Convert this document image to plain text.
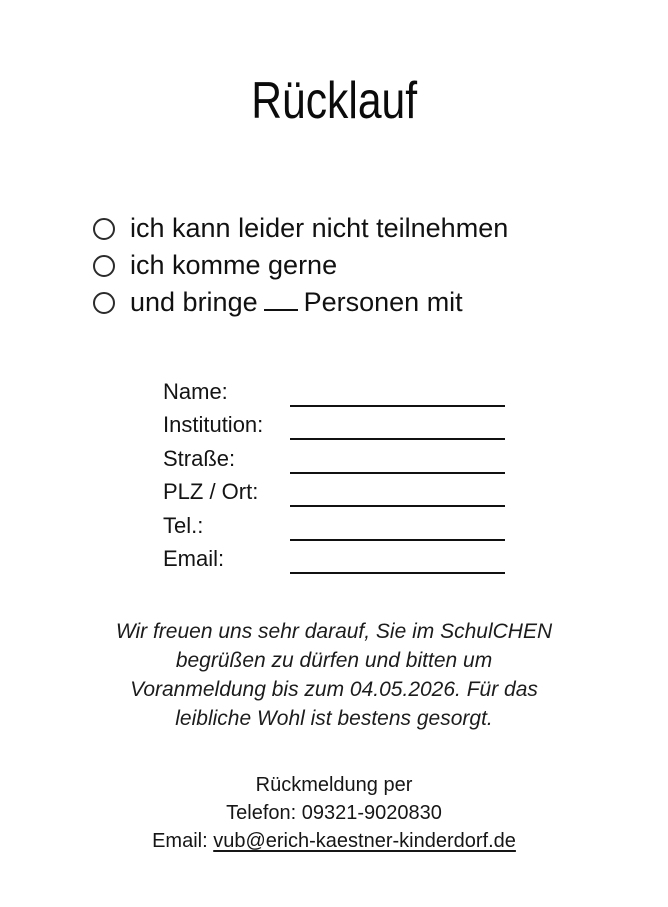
Rücklauf
ich kann leider nicht teilnehmen
ich komme gerne
und bringe Personen mit
Name:
Institution:
Straße:
PLZ / Ort:
Tel.:
Email:
Wir freuen uns sehr darauf, Sie im SchulCHEN
begrüßen zu dürfen und bitten um
Voranmeldung bis zum 04.05.2026. Für das
leibliche Wohl ist bestens gesorgt.
Rückmeldung per
Telefon: 09321-9020830
Email: vub@erich-kaestner-kinderdorf.de
